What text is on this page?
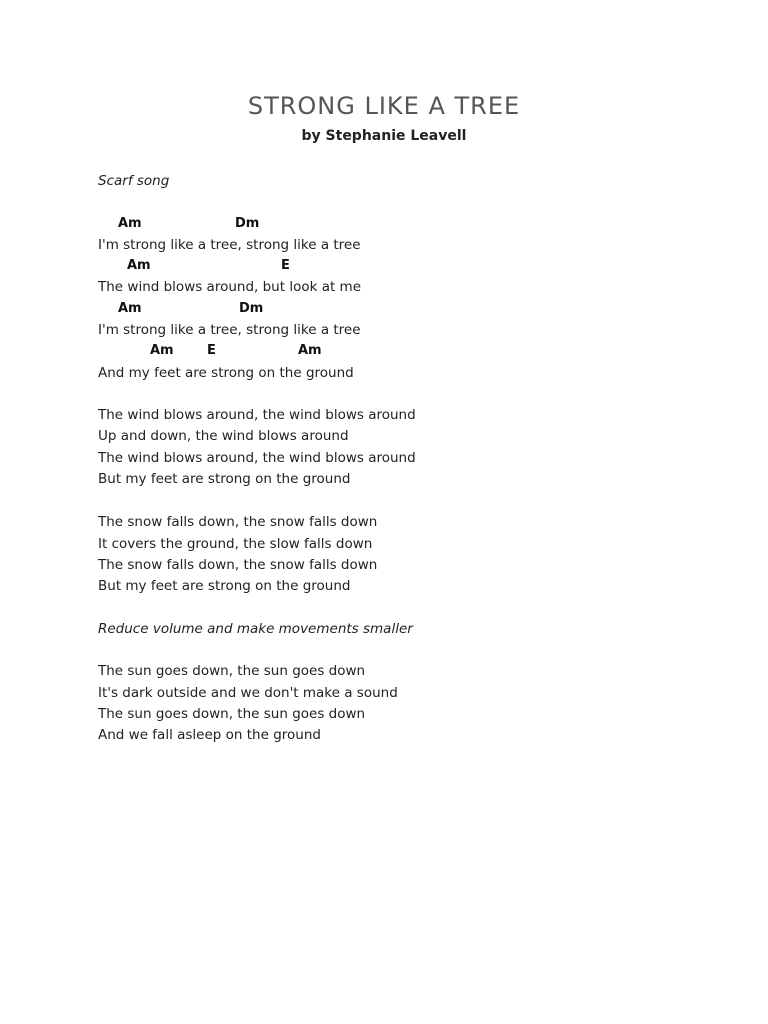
STRONG LIKE A TREE
by Stephanie Leavell
Scarf song
Am	Dm
I'm strong like a tree, strong like a tree
Am	E
The wind blows around, but look at me
Am	Dm
I'm strong like a tree, strong like a tree
Am	E	Am
And my feet are strong on the ground
The wind blows around, the wind blows around
Up and down, the wind blows around
The wind blows around, the wind blows around
But my feet are strong on the ground
The snow falls down, the snow falls down
It covers the ground, the slow falls down
The snow falls down, the snow falls down
But my feet are strong on the ground
Reduce volume and make movements smaller
The sun goes down, the sun goes down
It's dark outside and we don't make a sound
The sun goes down, the sun goes down
And we fall asleep on the ground
